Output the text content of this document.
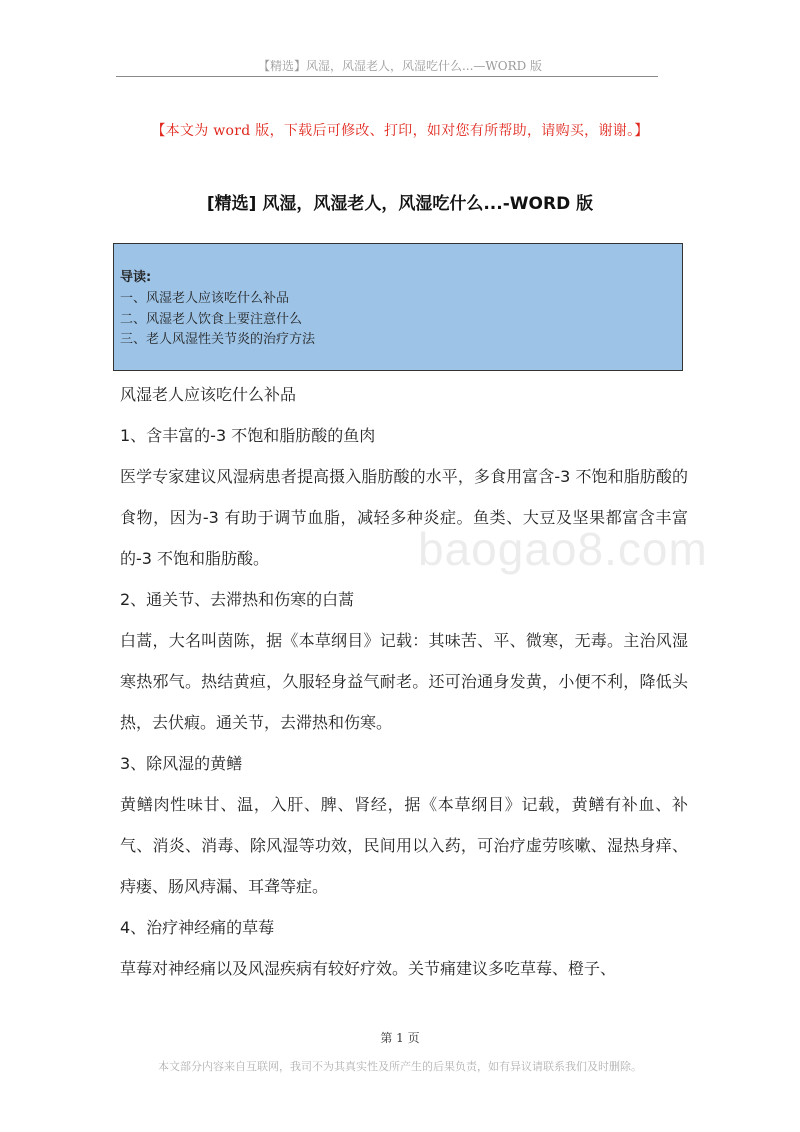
【精选】风湿，风湿老人，风湿吃什么...—WORD 版
【本文为 word 版，下载后可修改、打印，如对您有所帮助，请购买，谢谢。】
[精选] 风湿，风湿老人，风湿吃什么...-WORD 版
导读:
一、风湿老人应该吃什么补品
二、风湿老人饮食上要注意什么
三、老人风湿性关节炎的治疗方法
baogao8.com

风湿老人应该吃什么补品

1、含丰富的-3 不饱和脂肪酸的鱼肉

医学专家建议风湿病患者提高摄入脂肪酸的水平，多食用富含-3 不饱和脂肪酸的食物，因为-3 有助于调节血脂，减轻多种炎症。鱼类、大豆及坚果都富含丰富的-3 不饱和脂肪酸。

2、通关节、去滞热和伤寒的白蒿

白蒿，大名叫茵陈，据《本草纲目》记载：其味苦、平、微寒，无毒。主治风湿寒热邪气。热结黄疸，久服轻身益气耐老。还可治通身发黄，小便不利，降低头热，去伏瘕。通关节，去滞热和伤寒。

3、除风湿的黄鳝

黄鳝肉性味甘、温，入肝、脾、肾经，据《本草纲目》记载，黄鳝有补血、补气、消炎、消毒、除风湿等功效，民间用以入药，可治疗虚劳咳嗽、湿热身痒、痔瘘、肠风痔漏、耳聋等症。

4、治疗神经痛的草莓

草莓对神经痛以及风湿疾病有较好疗效。关节痛建议多吃草莓、橙子、

第 1 页
本文部分内容来自互联网，我司不为其真实性及所产生的后果负责，如有异议请联系我们及时删除。
